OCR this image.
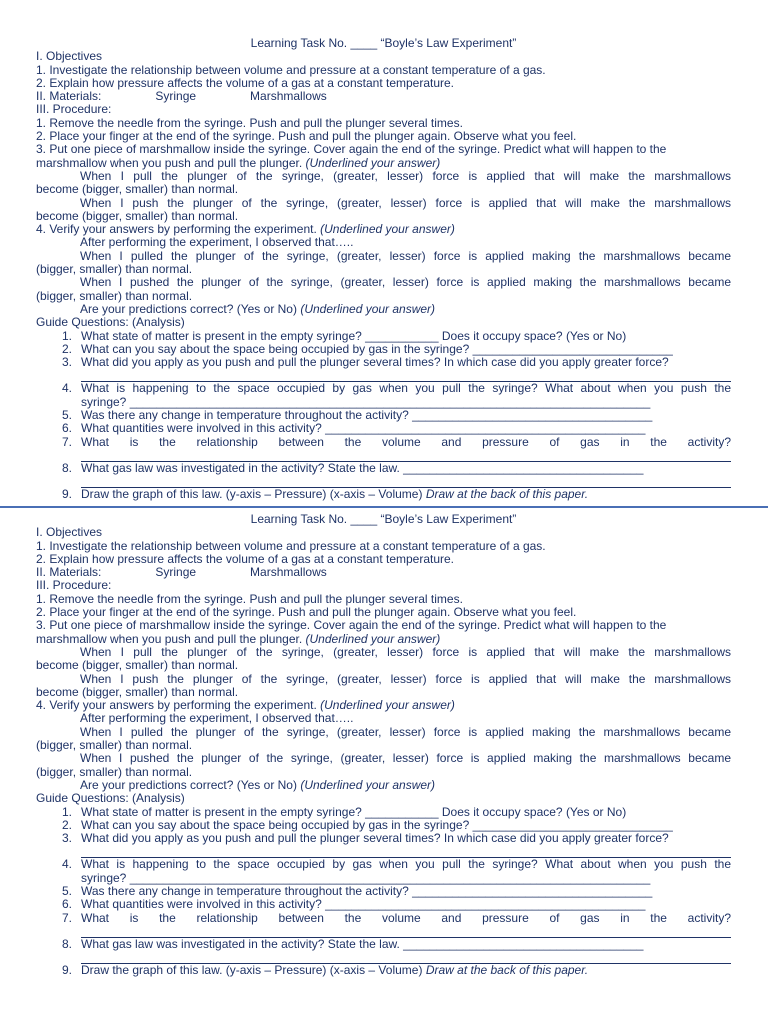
Learning Task No. ____ “Boyle’s Law Experiment”
I. Objectives
1. Investigate the relationship between volume and pressure at a constant temperature of a gas.
2. Explain how pressure affects the volume of a gas at a constant temperature.
II. Materials:	Syringe	Marshmallows
III. Procedure:
1. Remove the needle from the syringe. Push and pull the plunger several times.
2. Place your finger at the end of the syringe. Push and pull the plunger again. Observe what you feel.
3. Put one piece of marshmallow inside the syringe. Cover again the end of the syringe. Predict what will happen to the
marshmallow when you push and pull the plunger. (Underlined your answer)
When I pull the plunger of the syringe, (greater, lesser) force is applied that will make the marshmallows
become (bigger, smaller) than normal.
When I push the plunger of the syringe, (greater, lesser) force is applied that will make the marshmallows
become (bigger, smaller) than normal.
4. Verify your answers by performing the experiment. (Underlined your answer)
After performing the experiment, I observed that…..
When I pulled the plunger of the syringe, (greater, lesser) force is applied making the marshmallows became
(bigger, smaller) than normal.
When I pushed the plunger of the syringe, (greater, lesser) force is applied making the marshmallows became
(bigger, smaller) than normal.
Are your predictions correct? (Yes or No) (Underlined your answer)
Guide Questions: (Analysis)
1. What state of matter is present in the empty syringe? ___________ Does it occupy space? (Yes or No)
2. What can you say about the space being occupied by gas in the syringe? ______________________________
3. What did you apply as you push and pull the plunger several times? In which case did you apply greater force?
4. What is happening to the space occupied by gas when you pull the syringe? What about when you push the
syringe? ______________________________________________________________________________
5. Was there any change in temperature throughout the activity? ____________________________________
6. What quantities were involved in this activity? ________________________________________________
7. What is the relationship between the volume and pressure of gas in the activity?
8. What gas law was investigated in the activity? State the law. ____________________________________
9. Draw the graph of this law. (y-axis – Pressure) (x-axis – Volume) Draw at the back of this paper.
Learning Task No. ____ “Boyle’s Law Experiment”
I. Objectives
1. Investigate the relationship between volume and pressure at a constant temperature of a gas.
2. Explain how pressure affects the volume of a gas at a constant temperature.
II. Materials:	Syringe	Marshmallows
III. Procedure:
1. Remove the needle from the syringe. Push and pull the plunger several times.
2. Place your finger at the end of the syringe. Push and pull the plunger again. Observe what you feel.
3. Put one piece of marshmallow inside the syringe. Cover again the end of the syringe. Predict what will happen to the
marshmallow when you push and pull the plunger. (Underlined your answer)
When I pull the plunger of the syringe, (greater, lesser) force is applied that will make the marshmallows
become (bigger, smaller) than normal.
When I push the plunger of the syringe, (greater, lesser) force is applied that will make the marshmallows
become (bigger, smaller) than normal.
4. Verify your answers by performing the experiment. (Underlined your answer)
After performing the experiment, I observed that…..
When I pulled the plunger of the syringe, (greater, lesser) force is applied making the marshmallows became
(bigger, smaller) than normal.
When I pushed the plunger of the syringe, (greater, lesser) force is applied making the marshmallows became
(bigger, smaller) than normal.
Are your predictions correct? (Yes or No) (Underlined your answer)
Guide Questions: (Analysis)
1. What state of matter is present in the empty syringe? ___________ Does it occupy space? (Yes or No)
2. What can you say about the space being occupied by gas in the syringe? ______________________________
3. What did you apply as you push and pull the plunger several times? In which case did you apply greater force?
4. What is happening to the space occupied by gas when you pull the syringe? What about when you push the
syringe? ______________________________________________________________________________
5. Was there any change in temperature throughout the activity? ____________________________________
6. What quantities were involved in this activity? ________________________________________________
7. What is the relationship between the volume and pressure of gas in the activity?
8. What gas law was investigated in the activity? State the law. ____________________________________
9. Draw the graph of this law. (y-axis – Pressure) (x-axis – Volume) Draw at the back of this paper.
